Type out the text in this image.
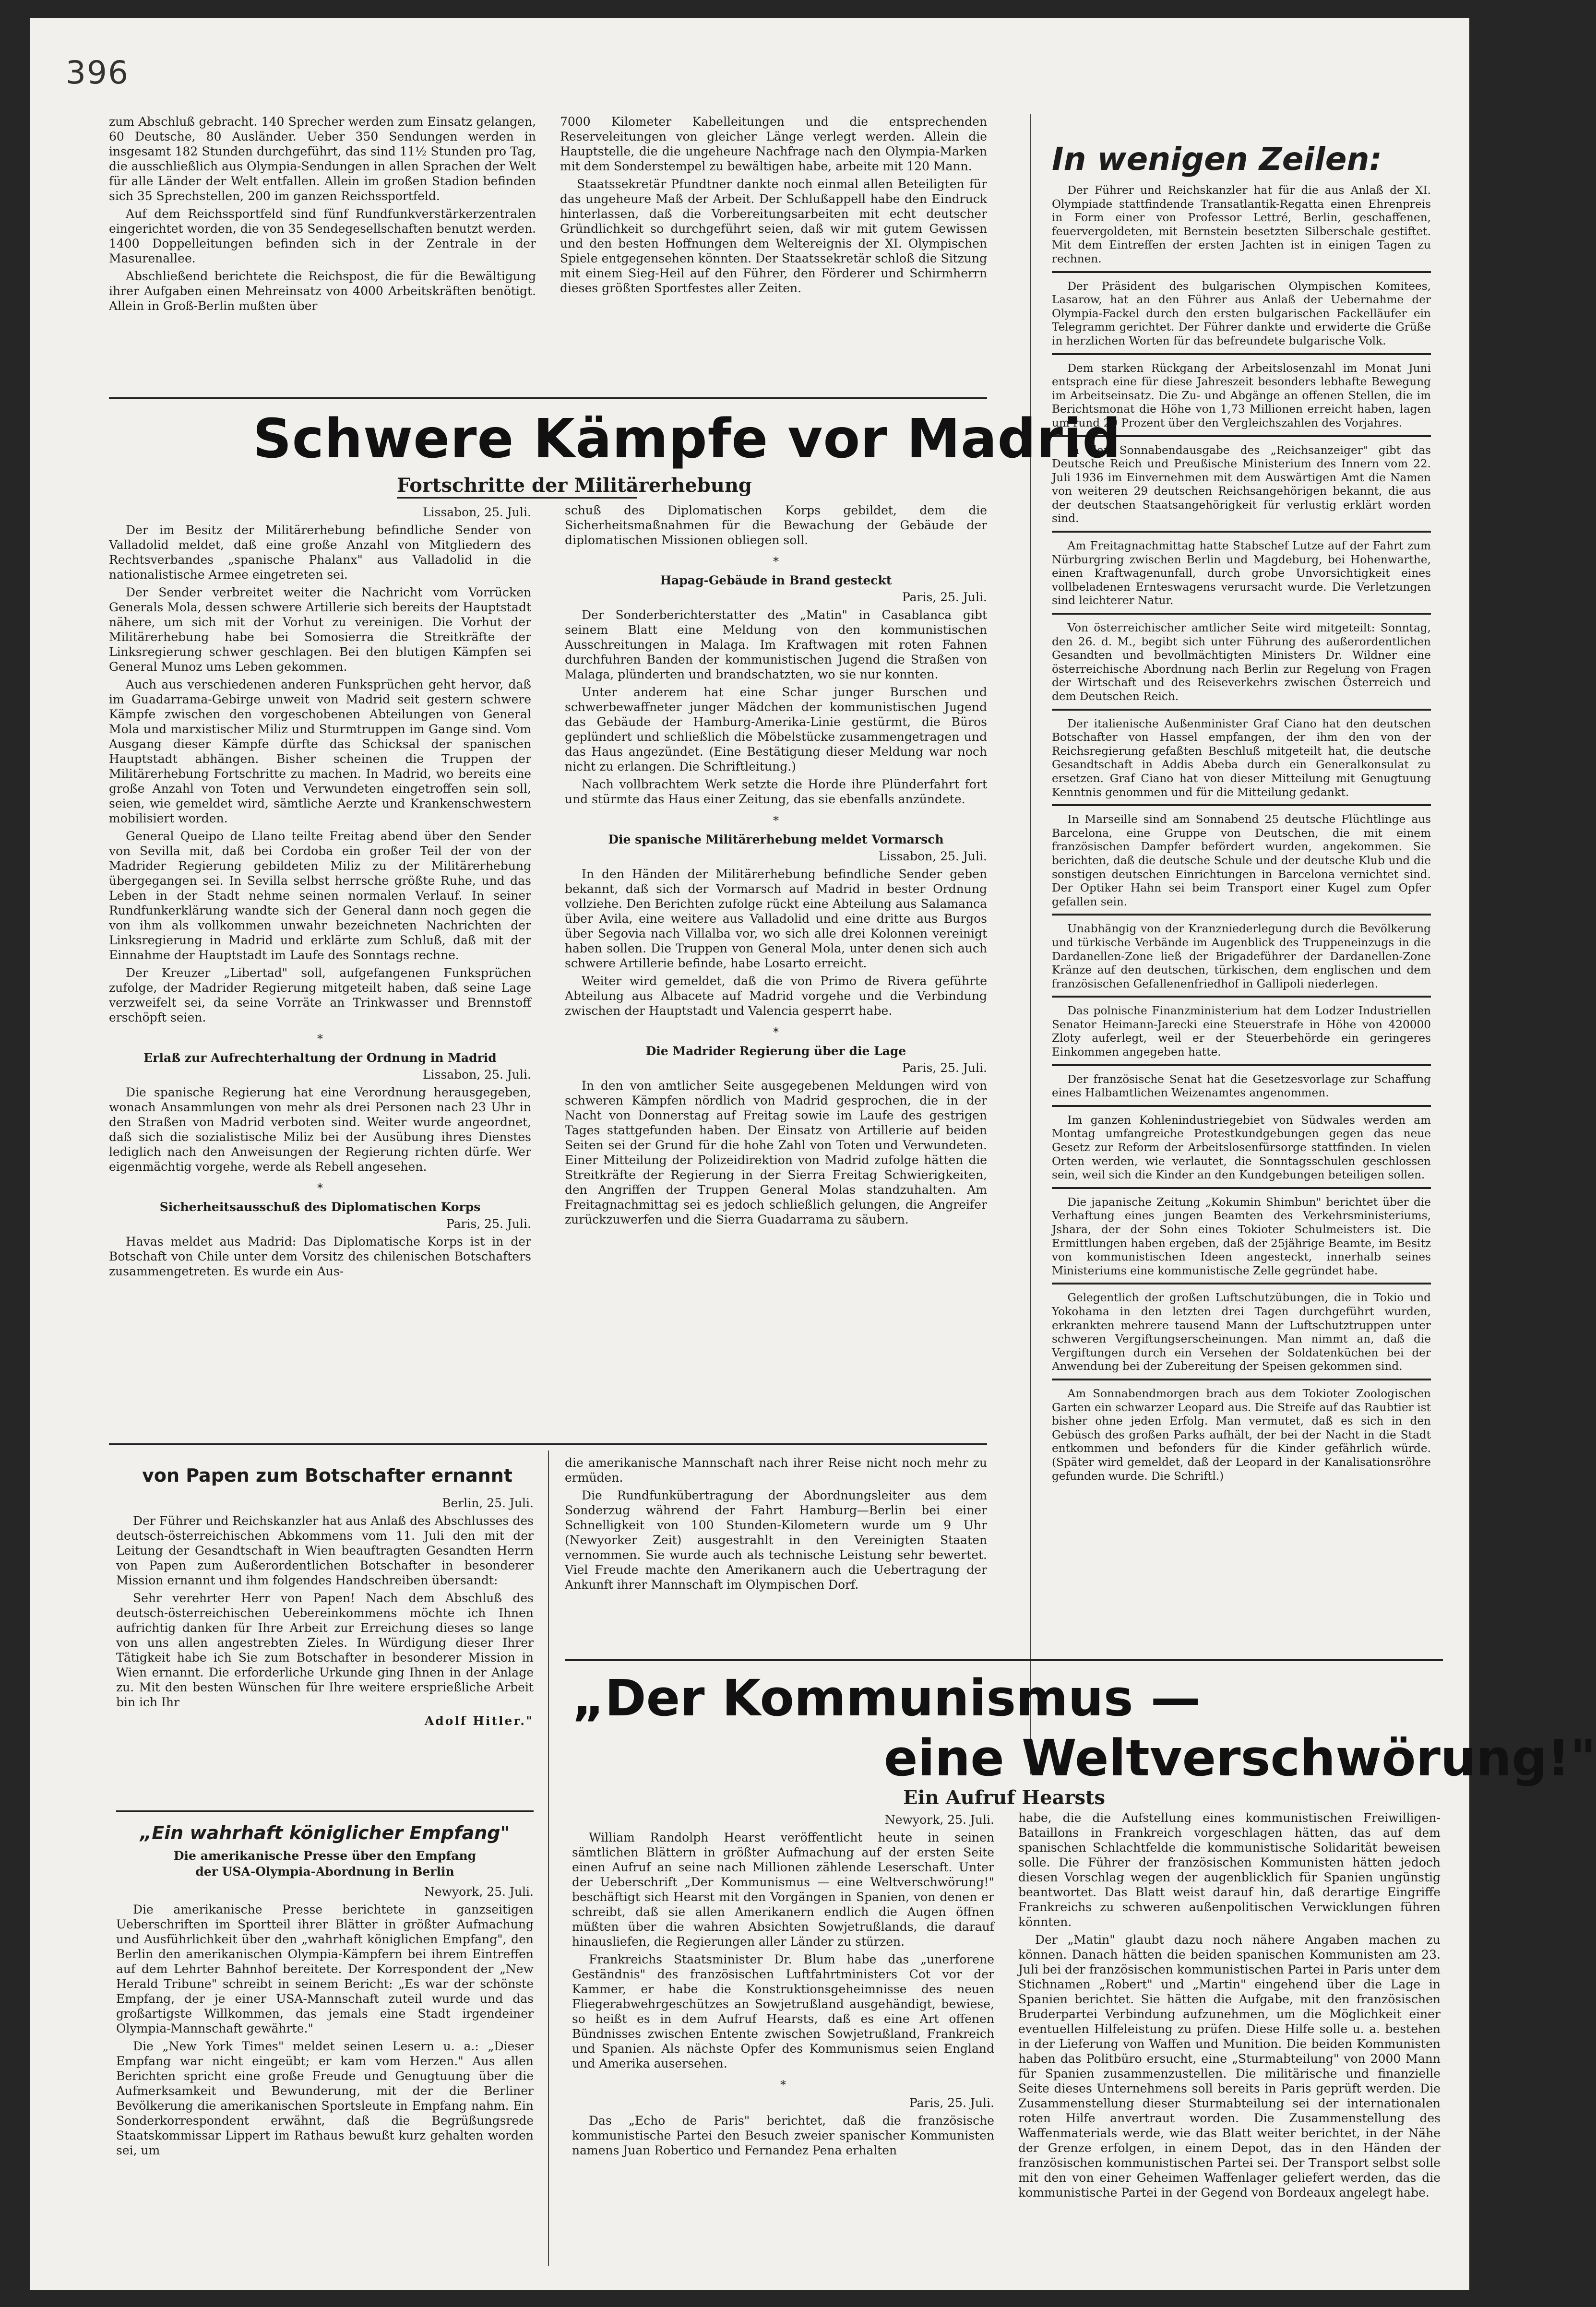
396

zum Abschluß gebracht. 140 Sprecher werden zum Einsatz gelangen, 60 Deutsche, 80 Ausländer. Ueber 350 Sendungen werden in insgesamt 182 Stunden durchgeführt, das sind 11½ Stunden pro Tag, die ausschließlich aus Olympia-Sendungen in allen Sprachen der Welt für alle Länder der Welt entfallen. Allein im großen Stadion befinden sich 35 Sprechstellen, 200 im ganzen Reichssportfeld.

Auf dem Reichssportfeld sind fünf Rundfunkverstärkerzentralen eingerichtet worden, die von 35 Sendegesellschaften benutzt werden. 1400 Doppelleitungen befinden sich in der Zentrale in der Masurenallee.

Abschließend berichtete die Reichspost, die für die Bewältigung ihrer Aufgaben einen Mehreinsatz von 4000 Arbeitskräften benötigt. Allein in Groß-Berlin mußten über

7000 Kilometer Kabelleitungen und die entsprechenden Reserveleitungen von gleicher Länge verlegt werden. Allein die Hauptstelle, die die ungeheure Nachfrage nach den Olympia-Marken mit dem Sonderstempel zu bewältigen habe, arbeite mit 120 Mann.

Staatssekretär Pfundtner dankte noch einmal allen Beteiligten für das ungeheure Maß der Arbeit. Der Schlußappell habe den Eindruck hinterlassen, daß die Vorbereitungsarbeiten mit echt deutscher Gründlichkeit so durchgeführt seien, daß wir mit gutem Gewissen und den besten Hoffnungen dem Weltereignis der XI. Olympischen Spiele entgegensehen könnten. Der Staatssekretär schloß die Sitzung mit einem Sieg-Heil auf den Führer, den Förderer und Schirmherrn dieses größten Sportfestes aller Zeiten.

In wenigen Zeilen:

Der Führer und Reichskanzler hat für die aus Anlaß der XI. Olympiade stattfindende Transatlantik-Regatta einen Ehrenpreis in Form einer von Professor Lettré, Berlin, geschaffenen, feuervergoldeten, mit Bernstein besetzten Silberschale gestiftet. Mit dem Eintreffen der ersten Jachten ist in einigen Tagen zu rechnen.

Der Präsident des bulgarischen Olympischen Komitees, Lasarow, hat an den Führer aus Anlaß der Uebernahme der Olympia-Fackel durch den ersten bulgarischen Fackelläufer ein Telegramm gerichtet. Der Führer dankte und erwiderte die Grüße in herzlichen Worten für das befreundete bulgarische Volk.

Dem starken Rückgang der Arbeitslosenzahl im Monat Juni entsprach eine für diese Jahreszeit besonders lebhafte Bewegung im Arbeitseinsatz. Die Zu- und Abgänge an offenen Stellen, die im Berichtsmonat die Höhe von 1,73 Millionen erreicht haben, lagen um rund 20 Prozent über den Vergleichszahlen des Vorjahres.

In der Sonnabendausgabe des „Reichsanzeiger" gibt das Deutsche Reich und Preußische Ministerium des Innern vom 22. Juli 1936 im Einvernehmen mit dem Auswärtigen Amt die Namen von weiteren 29 deutschen Reichsangehörigen bekannt, die aus der deutschen Staatsangehörigkeit für verlustig erklärt worden sind.

Am Freitagnachmittag hatte Stabschef Lutze auf der Fahrt zum Nürburgring zwischen Berlin und Magdeburg, bei Hohenwarthe, einen Kraftwagenunfall, durch grobe Unvorsichtigkeit eines vollbeladenen Ernteswagens verursacht wurde. Die Verletzungen sind leichterer Natur.

Von österreichischer amtlicher Seite wird mitgeteilt: Sonntag, den 26. d. M., begibt sich unter Führung des außerordentlichen Gesandten und bevollmächtigten Ministers Dr. Wildner eine österreichische Abordnung nach Berlin zur Regelung von Fragen der Wirtschaft und des Reiseverkehrs zwischen Österreich und dem Deutschen Reich.

Der italienische Außenminister Graf Ciano hat den deutschen Botschafter von Hassel empfangen, der ihm den von der Reichsregierung gefaßten Beschluß mitgeteilt hat, die deutsche Gesandtschaft in Addis Abeba durch ein Generalkonsulat zu ersetzen. Graf Ciano hat von dieser Mitteilung mit Genugtuung Kenntnis genommen und für die Mitteilung gedankt.

In Marseille sind am Sonnabend 25 deutsche Flüchtlinge aus Barcelona, eine Gruppe von Deutschen, die mit einem französischen Dampfer befördert wurden, angekommen. Sie berichten, daß die deutsche Schule und der deutsche Klub und die sonstigen deutschen Einrichtungen in Barcelona vernichtet sind. Der Optiker Hahn sei beim Transport einer Kugel zum Opfer gefallen sein.

Unabhängig von der Kranzniederlegung durch die Bevölkerung und türkische Verbände im Augenblick des Truppeneinzugs in die Dardanellen-Zone ließ der Brigadeführer der Dardanellen-Zone Kränze auf den deutschen, türkischen, dem englischen und dem französischen Gefallenenfriedhof in Gallipoli niederlegen.

Das polnische Finanzministerium hat dem Lodzer Industriellen Senator Heimann-Jarecki eine Steuerstrafe in Höhe von 420000 Zloty auferlegt, weil er der Steuerbehörde ein geringeres Einkommen angegeben hatte.

Der französische Senat hat die Gesetzesvorlage zur Schaffung eines Halbamtlichen Weizenamtes angenommen.

Im ganzen Kohlenindustriegebiet von Südwales werden am Montag umfangreiche Protestkundgebungen gegen das neue Gesetz zur Reform der Arbeitslosenfürsorge stattfinden. In vielen Orten werden, wie verlautet, die Sonntagsschulen geschlossen sein, weil sich die Kinder an den Kundgebungen beteiligen sollen.

Die japanische Zeitung „Kokumin Shimbun" berichtet über die Verhaftung eines jungen Beamten des Verkehrsministeriums, Jshara, der der Sohn eines Tokioter Schulmeisters ist. Die Ermittlungen haben ergeben, daß der 25jährige Beamte, im Besitz von kommunistischen Ideen angesteckt, innerhalb seines Ministeriums eine kommunistische Zelle gegründet habe.

Gelegentlich der großen Luftschutzübungen, die in Tokio und Yokohama in den letzten drei Tagen durchgeführt wurden, erkrankten mehrere tausend Mann der Luftschutztruppen unter schweren Vergiftungserscheinungen. Man nimmt an, daß die Vergiftungen durch ein Versehen der Soldatenküchen bei der Anwendung bei der Zubereitung der Speisen gekommen sind.

Am Sonnabendmorgen brach aus dem Tokioter Zoologischen Garten ein schwarzer Leopard aus. Die Streife auf das Raubtier ist bisher ohne jeden Erfolg. Man vermutet, daß es sich in den Gebüsch des großen Parks aufhält, der bei der Nacht in die Stadt entkommen und befonders für die Kinder gefährlich würde. (Später wird gemeldet, daß der Leopard in der Kanalisationsröhre gefunden wurde. Die Schriftl.)

Schwere Kämpfe vor Madrid
Fortschritte der Militärerhebung
Lissabon, 25. Juli.

Der im Besitz der Militärerhebung befindliche Sender von Valladolid meldet, daß eine große Anzahl von Mitgliedern des Rechtsverbandes „spanische Phalanx" aus Valladolid in die nationalistische Armee eingetreten sei.

Der Sender verbreitet weiter die Nachricht vom Vorrücken Generals Mola, dessen schwere Artillerie sich bereits der Hauptstadt nähere, um sich mit der Vorhut zu vereinigen. Die Vorhut der Militärerhebung habe bei Somosierra die Streitkräfte der Linksregierung schwer geschlagen. Bei den blutigen Kämpfen sei General Munoz ums Leben gekommen.

Auch aus verschiedenen anderen Funksprüchen geht hervor, daß im Guadarrama-Gebirge unweit von Madrid seit gestern schwere Kämpfe zwischen den vorgeschobenen Abteilungen von General Mola und marxistischer Miliz und Sturmtruppen im Gange sind. Vom Ausgang dieser Kämpfe dürfte das Schicksal der spanischen Hauptstadt abhängen. Bisher scheinen die Truppen der Militärerhebung Fortschritte zu machen. In Madrid, wo bereits eine große Anzahl von Toten und Verwundeten eingetroffen sein soll, seien, wie gemeldet wird, sämtliche Aerzte und Krankenschwestern mobilisiert worden.

General Queipo de Llano teilte Freitag abend über den Sender von Sevilla mit, daß bei Cordoba ein großer Teil der von der Madrider Regierung gebildeten Miliz zu der Militärerhebung übergegangen sei. In Sevilla selbst herrsche größte Ruhe, und das Leben in der Stadt nehme seinen normalen Verlauf. In seiner Rundfunkerklärung wandte sich der General dann noch gegen die von ihm als vollkommen unwahr bezeichneten Nachrichten der Linksregierung in Madrid und erklärte zum Schluß, daß mit der Einnahme der Hauptstadt im Laufe des Sonntags rechne.

Der Kreuzer „Libertad" soll, aufgefangenen Funksprüchen zufolge, der Madrider Regierung mitgeteilt haben, daß seine Lage verzweifelt sei, da seine Vorräte an Trinkwasser und Brennstoff erschöpft seien.

*
Erlaß zur Aufrechterhaltung der Ordnung in Madrid
Lissabon, 25. Juli.

Die spanische Regierung hat eine Verordnung herausgegeben, wonach Ansammlungen von mehr als drei Personen nach 23 Uhr in den Straßen von Madrid verboten sind. Weiter wurde angeordnet, daß sich die sozialistische Miliz bei der Ausübung ihres Dienstes lediglich nach den Anweisungen der Regierung richten dürfe. Wer eigenmächtig vorgehe, werde als Rebell angesehen.

*
Sicherheitsausschuß des Diplomatischen Korps
Paris, 25. Juli.

Havas meldet aus Madrid: Das Diplomatische Korps ist in der Botschaft von Chile unter dem Vorsitz des chilenischen Botschafters zusammengetreten. Es wurde ein Aus-

schuß des Diplomatischen Korps gebildet, dem die Sicherheitsmaßnahmen für die Bewachung der Gebäude der diplomatischen Missionen obliegen soll.

*
Hapag-Gebäude in Brand gesteckt
Paris, 25. Juli.

Der Sonderberichterstatter des „Matin" in Casablanca gibt seinem Blatt eine Meldung von den kommunistischen Ausschreitungen in Malaga. Im Kraftwagen mit roten Fahnen durchfuhren Banden der kommunistischen Jugend die Straßen von Malaga, plünderten und brandschatzten, wo sie nur konnten.

Unter anderem hat eine Schar junger Burschen und schwerbewaffneter junger Mädchen der kommunistischen Jugend das Gebäude der Hamburg-Amerika-Linie gestürmt, die Büros geplündert und schließlich die Möbelstücke zusammengetragen und das Haus angezündet. (Eine Bestätigung dieser Meldung war noch nicht zu erlangen. Die Schriftleitung.)

Nach vollbrachtem Werk setzte die Horde ihre Plünderfahrt fort und stürmte das Haus einer Zeitung, das sie ebenfalls anzündete.

*
Die spanische Militärerhebung meldet Vormarsch
Lissabon, 25. Juli.

In den Händen der Militärerhebung befindliche Sender geben bekannt, daß sich der Vormarsch auf Madrid in bester Ordnung vollziehe. Den Berichten zufolge rückt eine Abteilung aus Salamanca über Avila, eine weitere aus Valladolid und eine dritte aus Burgos über Segovia nach Villalba vor, wo sich alle drei Kolonnen vereinigt haben sollen. Die Truppen von General Mola, unter denen sich auch schwere Artillerie befinde, habe Losarto erreicht.

Weiter wird gemeldet, daß die von Primo de Rivera geführte Abteilung aus Albacete auf Madrid vorgehe und die Verbindung zwischen der Hauptstadt und Valencia gesperrt habe.

*
Die Madrider Regierung über die Lage
Paris, 25. Juli.

In den von amtlicher Seite ausgegebenen Meldungen wird von schweren Kämpfen nördlich von Madrid gesprochen, die in der Nacht von Donnerstag auf Freitag sowie im Laufe des gestrigen Tages stattgefunden haben. Der Einsatz von Artillerie auf beiden Seiten sei der Grund für die hohe Zahl von Toten und Verwundeten. Einer Mitteilung der Polizeidirektion von Madrid zufolge hätten die Streitkräfte der Regierung in der Sierra Freitag Schwierigkeiten, den Angriffen der Truppen General Molas standzuhalten. Am Freitagnachmittag sei es jedoch schließlich gelungen, die Angreifer zurückzuwerfen und die Sierra Guadarrama zu säubern.

von Papen zum Botschafter ernannt
Berlin, 25. Juli.

Der Führer und Reichskanzler hat aus Anlaß des Abschlusses des deutsch-österreichischen Abkommens vom 11. Juli den mit der Leitung der Gesandtschaft in Wien beauftragten Gesandten Herrn von Papen zum Außerordentlichen Botschafter in besonderer Mission ernannt und ihm folgendes Handschreiben übersandt:

Sehr verehrter Herr von Papen! Nach dem Abschluß des deutsch-österreichischen Uebereinkommens möchte ich Ihnen aufrichtig danken für Ihre Arbeit zur Erreichung dieses so lange von uns allen angestrebten Zieles. In Würdigung dieser Ihrer Tätigkeit habe ich Sie zum Botschafter in besonderer Mission in Wien ernannt. Die erforderliche Urkunde ging Ihnen in der Anlage zu. Mit den besten Wünschen für Ihre weitere ersprießliche Arbeit bin ich Ihr

Adolf Hitler."

die amerikanische Mannschaft nach ihrer Reise nicht noch mehr zu ermüden.

Die Rundfunkübertragung der Abordnungsleiter aus dem Sonderzug während der Fahrt Hamburg—Berlin bei einer Schnelligkeit von 100 Stunden-Kilometern wurde um 9 Uhr (Newyorker Zeit) ausgestrahlt in den Vereinigten Staaten vernommen. Sie wurde auch als technische Leistung sehr bewertet. Viel Freude machte den Amerikanern auch die Uebertragung der Ankunft ihrer Mannschaft im Olympischen Dorf.

„Ein wahrhaft königlicher Empfang"
Die amerikanische Presse über den Empfang
der USA-Olympia-Abordnung in Berlin
Newyork, 25. Juli.

Die amerikanische Presse berichtete in ganzseitigen Ueberschriften im Sportteil ihrer Blätter in größter Aufmachung und Ausführlichkeit über den „wahrhaft königlichen Empfang", den Berlin den amerikanischen Olympia-Kämpfern bei ihrem Eintreffen auf dem Lehrter Bahnhof bereitete. Der Korrespondent der „New Herald Tribune" schreibt in seinem Bericht: „Es war der schönste Empfang, der je einer USA-Mannschaft zuteil wurde und das großartigste Willkommen, das jemals eine Stadt irgendeiner Olympia-Mannschaft gewährte."

Die „New York Times" meldet seinen Lesern u. a.: „Dieser Empfang war nicht eingeübt; er kam vom Herzen." Aus allen Berichten spricht eine große Freude und Genugtuung über die Aufmerksamkeit und Bewunderung, mit der die Berliner Bevölkerung die amerikanischen Sportsleute in Empfang nahm. Ein Sonderkorrespondent erwähnt, daß die Begrüßungsrede Staatskommissar Lippert im Rathaus bewußt kurz gehalten worden sei, um

„Der Kommunismus —
eine Weltverschwörung!"
Ein Aufruf Hearsts
Newyork, 25. Juli.

William Randolph Hearst veröffentlicht heute in seinen sämtlichen Blättern in größter Aufmachung auf der ersten Seite einen Aufruf an seine nach Millionen zählende Leserschaft. Unter der Ueberschrift „Der Kommunismus — eine Weltverschwörung!" beschäftigt sich Hearst mit den Vorgängen in Spanien, von denen er schreibt, daß sie allen Amerikanern endlich die Augen öffnen müßten über die wahren Absichten Sowjetrußlands, die darauf hinausliefen, die Regierungen aller Länder zu stürzen.

Frankreichs Staatsminister Dr. Blum habe das „unerforene Geständnis" des französischen Luftfahrtministers Cot vor der Kammer, er habe die Konstruktionsgeheimnisse des neuen Fliegerabwehrgeschützes an Sowjetrußland ausgehändigt, bewiese, so heißt es in dem Aufruf Hearsts, daß es eine Art offenen Bündnisses zwischen Entente zwischen Sowjetrußland, Frankreich und Spanien. Als nächste Opfer des Kommunismus seien England und Amerika ausersehen.

*
Paris, 25. Juli.

Das „Echo de Paris" berichtet, daß die französische kommunistische Partei den Besuch zweier spanischer Kommunisten namens Juan Robertico und Fernandez Pena erhalten

habe, die die Aufstellung eines kommunistischen Freiwilligen-Bataillons in Frankreich vorgeschlagen hätten, das auf dem spanischen Schlachtfelde die kommunistische Solidarität beweisen solle. Die Führer der französischen Kommunisten hätten jedoch diesen Vorschlag wegen der augenblicklich für Spanien ungünstig beantwortet. Das Blatt weist darauf hin, daß derartige Eingriffe Frankreichs zu schweren außenpolitischen Verwicklungen führen könnten.

Der „Matin" glaubt dazu noch nähere Angaben machen zu können. Danach hätten die beiden spanischen Kommunisten am 23. Juli bei der französischen kommunistischen Partei in Paris unter dem Stichnamen „Robert" und „Martin" eingehend über die Lage in Spanien berichtet. Sie hätten die Aufgabe, mit den französischen Bruderpartei Verbindung aufzunehmen, um die Möglichkeit einer eventuellen Hilfeleistung zu prüfen. Diese Hilfe solle u. a. bestehen in der Lieferung von Waffen und Munition. Die beiden Kommunisten haben das Politbüro ersucht, eine „Sturmabteilung" von 2000 Mann für Spanien zusammenzustellen. Die militärische und finanzielle Seite dieses Unternehmens soll bereits in Paris geprüft werden. Die Zusammenstellung dieser Sturmabteilung sei der internationalen roten Hilfe anvertraut worden. Die Zusammenstellung des Waffenmaterials werde, wie das Blatt weiter berichtet, in der Nähe der Grenze erfolgen, in einem Depot, das in den Händen der französischen kommunistischen Partei sei. Der Transport selbst solle mit den von einer Geheimen Waffenlager geliefert werden, das die kommunistische Partei in der Gegend von Bordeaux angelegt habe.
